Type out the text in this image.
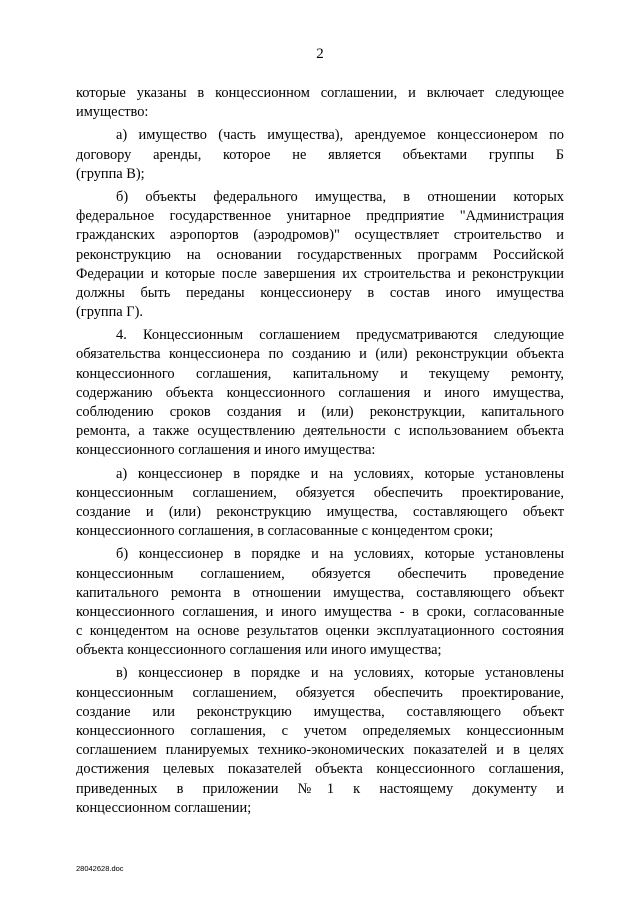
2
которые указаны в концессионном соглашении, и включает следующее
имущество:
а) имущество (часть имущества), арендуемое концессионером по
договору аренды, которое не является объектами группы Б
(группа В);
б) объекты федерального имущества, в отношении которых
федеральное государственное унитарное предприятие "Администрация
гражданских аэропортов (аэродромов)" осуществляет строительство и
реконструкцию на основании государственных программ Российской
Федерации и которые после завершения их строительства и реконструкции
должны быть переданы концессионеру в состав иного имущества
(группа Г).
4. Концессионным соглашением предусматриваются следующие
обязательства концессионера по созданию и (или) реконструкции объекта
концессионного соглашения, капитальному и текущему ремонту,
содержанию объекта концессионного соглашения и иного имущества,
соблюдению сроков создания и (или) реконструкции, капитального
ремонта, а также осуществлению деятельности с использованием объекта
концессионного соглашения и иного имущества:
а) концессионер в порядке и на условиях, которые установлены
концессионным соглашением, обязуется обеспечить проектирование,
создание и (или) реконструкцию имущества, составляющего объект
концессионного соглашения, в согласованные с концедентом сроки;
б) концессионер в порядке и на условиях, которые установлены
концессионным соглашением, обязуется обеспечить проведение
капитального ремонта в отношении имущества, составляющего объект
концессионного соглашения, и иного имущества - в сроки, согласованные
с концедентом на основе результатов оценки эксплуатационного состояния
объекта концессионного соглашения или иного имущества;
в) концессионер в порядке и на условиях, которые установлены
концессионным соглашением, обязуется обеспечить проектирование,
создание или реконструкцию имущества, составляющего объект
концессионного соглашения, с учетом определяемых концессионным
соглашением планируемых технико-экономических показателей и в целях
достижения целевых показателей объекта концессионного соглашения,
приведенных в приложении №1 к настоящему документу и
концессионном соглашении;
28042628.doc
